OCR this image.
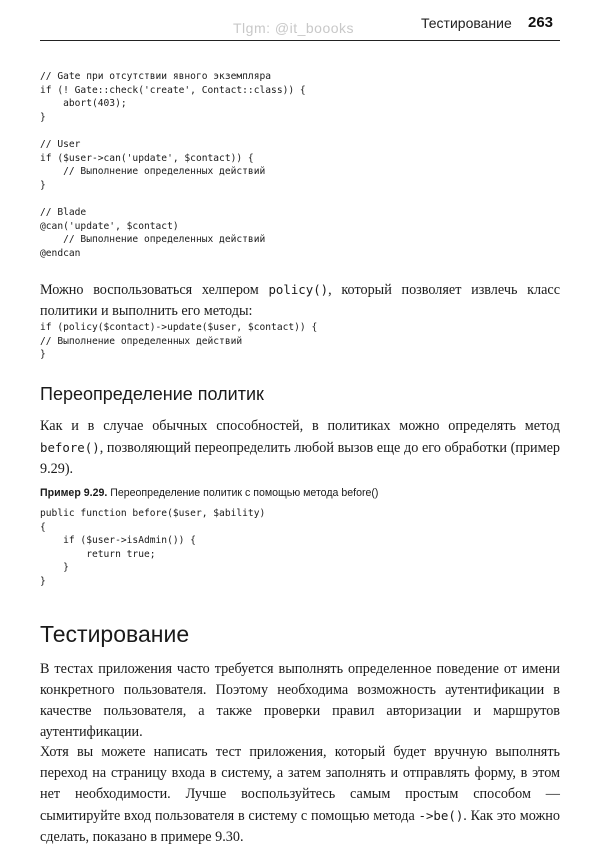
Tlgm: @it_boooks	Тестирование 263
// Gate при отсутствии явного экземпляра
if (! Gate::check('create', Contact::class)) {
abort(403);
}

// User
if ($user->can('update', $contact)) {
// Выполнение определенных действий
}

// Blade
@can('update', $contact)
// Выполнение определенных действий
@endcan

Можно воспользоваться хелпером policy(), который позволяет извлечь класс политики и выполнить его методы:

if (policy($contact)->update($user, $contact)) {
// Выполнение определенных действий
}
Переопределение политик

Как и в случае обычных способностей, в политиках можно определять метод before(), позволяющий переопределить любой вызов еще до его обработки (пример 9.29).

Пример 9.29. Переопределение политик с помощью метода before()

public function before($user, $ability)
{
if ($user->isAdmin()) {
return true;
}
}
Тестирование

В тестах приложения часто требуется выполнять определенное поведение от имени конкретного пользователя. Поэтому необходима возможность аутентификации в качестве пользователя, а также проверки правил авторизации и маршрутов аутентификации.

Хотя вы можете написать тест приложения, который будет вручную выполнять переход на страницу входа в систему, а затем заполнять и отправлять форму, в этом нет необходимости. Лучше воспользуйтесь самым простым способом — сымитируйте вход пользователя в систему с помощью метода ->be(). Как это можно сделать, показано в примере 9.30.
